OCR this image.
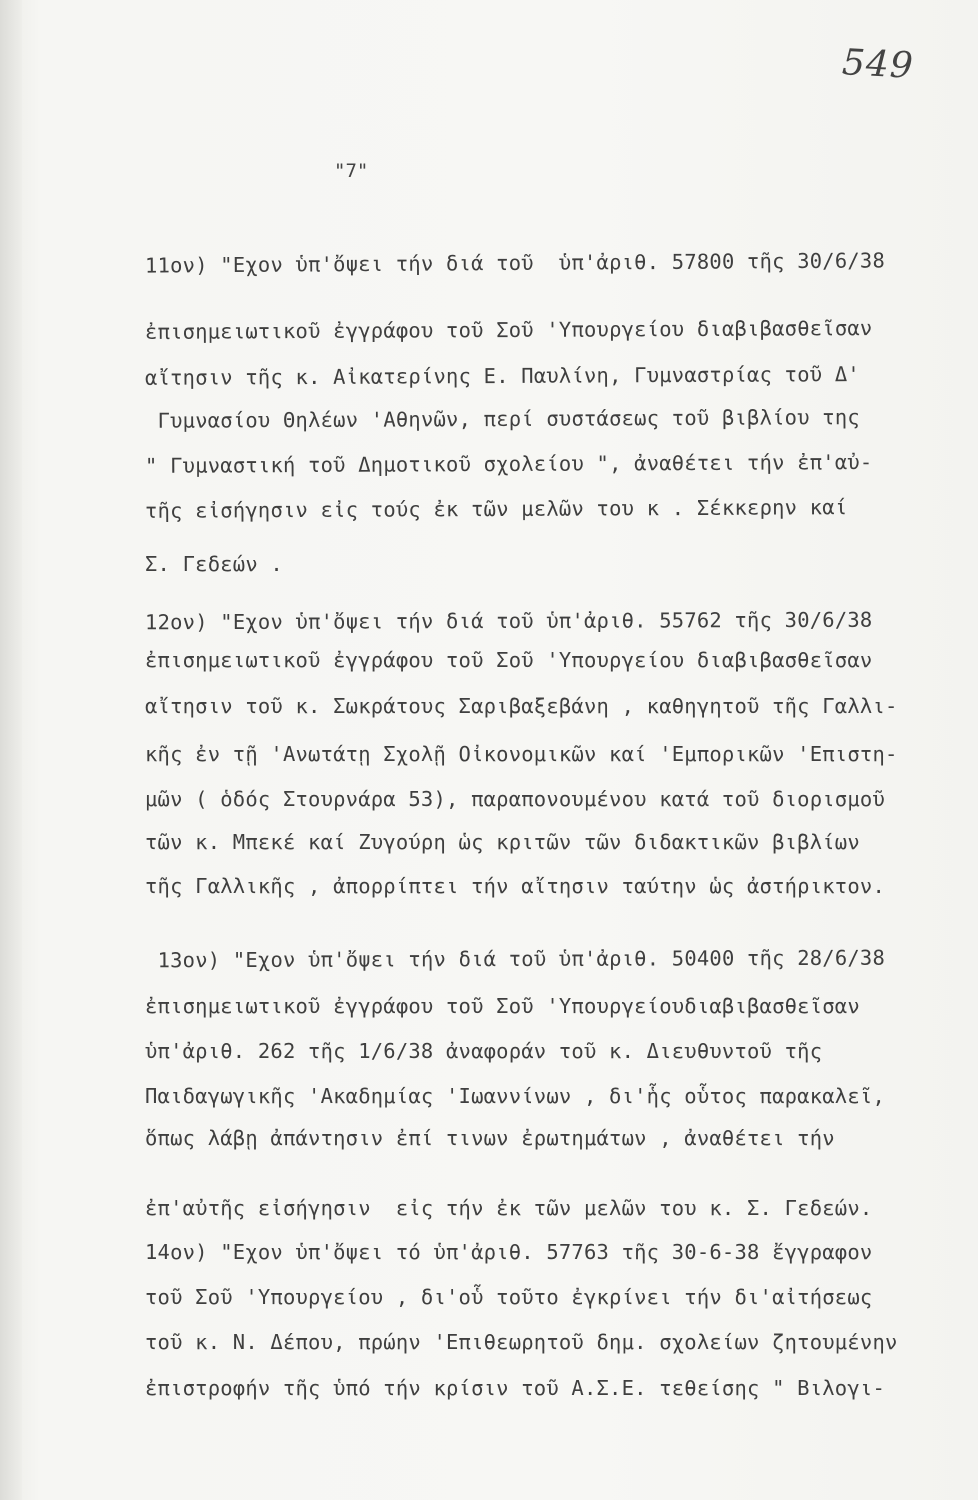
549
"7"
11ον) "Εχον ὑπ'ὄψει τήν διά τοῦ  ὑπ'ἀριθ. 57800 τῆς 30/6/38
ἐπισημειωτικοῦ ἐγγράφου τοῦ Σοῦ 'Υπουργείου διαβιβασθεῖσαν
αἴτησιν τῆς κ. Αἰκατερίνης Ε. Παυλίνη, Γυμναστρίας τοῦ Δ'
Γυμνασίου Θηλέων 'Αθηνῶν, περί συστάσεως τοῦ βιβλίου της
" Γυμναστική τοῦ Δημοτικοῦ σχολείου ", ἀναθέτει τήν ἐπ'αὐ-
τῆς εἰσήγησιν εἰς τούς ἐκ τῶν μελῶν του κ . Σέκκερην καί
Σ. Γεδεών .
12ον) "Εχον ὑπ'ὄψει τήν διά τοῦ ὑπ'ἀριθ. 55762 τῆς 30/6/38
ἐπισημειωτικοῦ ἐγγράφου τοῦ Σοῦ 'Υπουργείου διαβιβασθεῖσαν
αἴτησιν τοῦ κ. Σωκράτους Σαριβαξεβάνη , καθηγητοῦ τῆς Γαλλι-
κῆς ἐν τῇ 'Ανωτάτῃ Σχολῇ Οἰκονομικῶν καί 'Εμπορικῶν 'Επιστη-
μῶν ( ὁδός Στουρνάρα 53), παραπονουμένου κατά τοῦ διορισμοῦ
τῶν κ. Μπεκέ καί Ζυγούρη ὡς κριτῶν τῶν διδακτικῶν βιβλίων
τῆς Γαλλικῆς , ἀπορρίπτει τήν αἴτησιν ταύτην ὡς ἀστήρικτον.
13ον) "Εχον ὑπ'ὄψει τήν διά τοῦ ὑπ'ἀριθ. 50400 τῆς 28/6/38
ἐπισημειωτικοῦ ἐγγράφου τοῦ Σοῦ 'Υπουργείουδιαβιβασθεῖσαν
ὑπ'ἀριθ. 262 τῆς 1/6/38 ἀναφοράν τοῦ κ. Διευθυντοῦ τῆς
Παιδαγωγικῆς 'Ακαδημίας 'Ιωαννίνων , δι'ἧς οὗτος παρακαλεῖ,
ὅπως λάβῃ ἀπάντησιν ἐπί τινων ἐρωτημάτων , ἀναθέτει τήν
ἐπ'αὐτῆς εἰσήγησιν  εἰς τήν ἐκ τῶν μελῶν του κ. Σ. Γεδεών.
14ον) "Εχον ὑπ'ὄψει τό ὑπ'ἀριθ. 57763 τῆς 30-6-38 ἔγγραφον
τοῦ Σοῦ 'Υπουργείου , δι'οὗ τοῦτο ἐγκρίνει τήν δι'αἰτήσεως
τοῦ κ. Ν. Δέπου, πρώην 'Επιθεωρητοῦ δημ. σχολείων ζητουμένην
ἐπιστροφήν τῆς ὑπό τήν κρίσιν τοῦ Α.Σ.Ε. τεθείσης " Βιλογι-
